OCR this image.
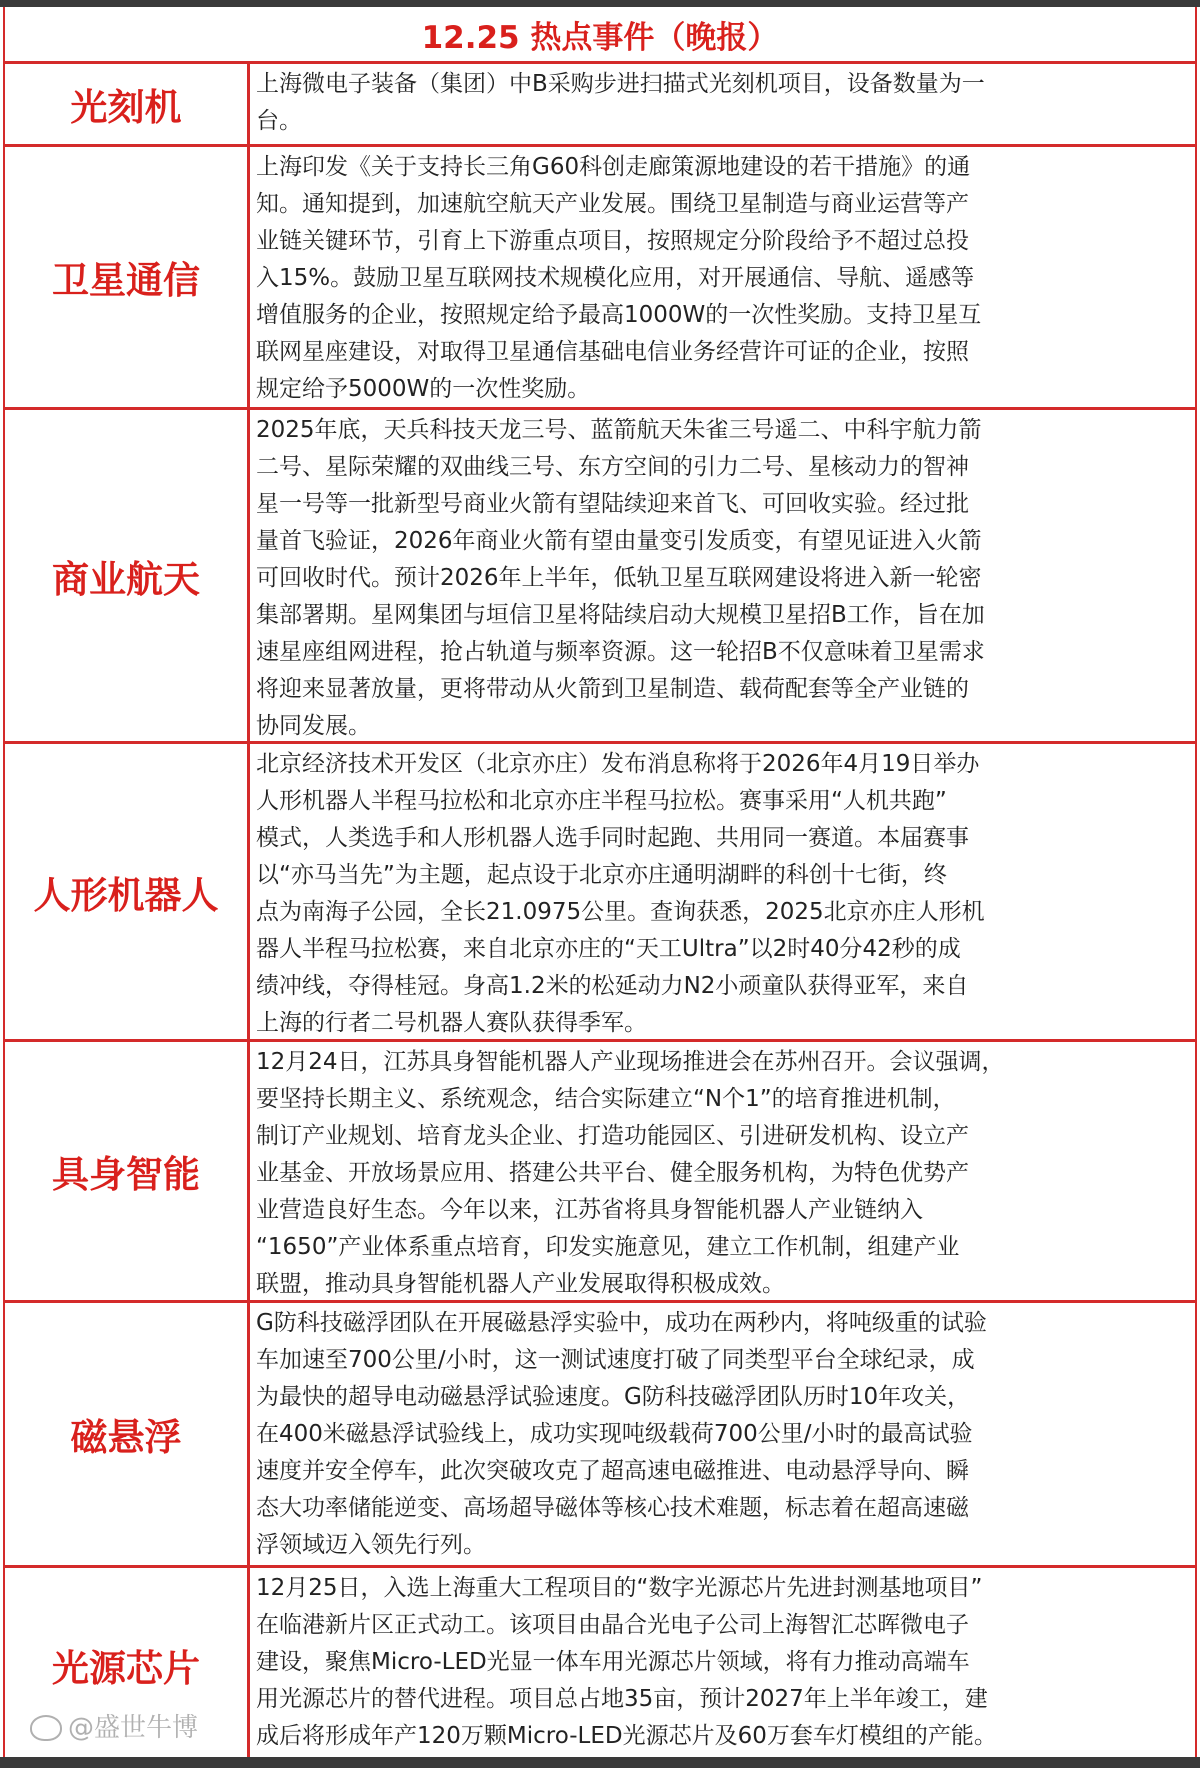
12.25 热点事件（晚报）
光刻机
上海微电子装备（集团）中B采购步进扫描式光刻机项目，设备数量为一
台。
卫星通信
上海印发《关于支持长三角G60科创走廊策源地建设的若干措施》的通
知。通知提到，加速航空航天产业发展。围绕卫星制造与商业运营等产
业链关键环节，引育上下游重点项目，按照规定分阶段给予不超过总投
入15%。鼓励卫星互联网技术规模化应用，对开展通信、导航、遥感等
增值服务的企业，按照规定给予最高1000W的一次性奖励。支持卫星互
联网星座建设，对取得卫星通信基础电信业务经营许可证的企业，按照
规定给予5000W的一次性奖励。
商业航天
2025年底，天兵科技天龙三号、蓝箭航天朱雀三号遥二、中科宇航力箭
二号、星际荣耀的双曲线三号、东方空间的引力二号、星核动力的智神
星一号等一批新型号商业火箭有望陆续迎来首飞、可回收实验。经过批
量首飞验证，2026年商业火箭有望由量变引发质变，有望见证进入火箭
可回收时代。预计2026年上半年，低轨卫星互联网建设将进入新一轮密
集部署期。星网集团与垣信卫星将陆续启动大规模卫星招B工作，旨在加
速星座组网进程，抢占轨道与频率资源。这一轮招B不仅意味着卫星需求
将迎来显著放量，更将带动从火箭到卫星制造、载荷配套等全产业链的
协同发展。
人形机器人
北京经济技术开发区（北京亦庄）发布消息称将于2026年4月19日举办
人形机器人半程马拉松和北京亦庄半程马拉松。赛事采用“人机共跑”
模式，人类选手和人形机器人选手同时起跑、共用同一赛道。本届赛事
以“亦马当先”为主题，起点设于北京亦庄通明湖畔的科创十七街，终
点为南海子公园，全长21.0975公里。查询获悉，2025北京亦庄人形机
器人半程马拉松赛，来自北京亦庄的“天工Ultra”以2时40分42秒的成
绩冲线，夺得桂冠。身高1.2米的松延动力N2小顽童队获得亚军，来自
上海的行者二号机器人赛队获得季军。
具身智能
12月24日，江苏具身智能机器人产业现场推进会在苏州召开。会议强调，
要坚持长期主义、系统观念，结合实际建立“N个1”的培育推进机制，
制订产业规划、培育龙头企业、打造功能园区、引进研发机构、设立产
业基金、开放场景应用、搭建公共平台、健全服务机构，为特色优势产
业营造良好生态。今年以来，江苏省将具身智能机器人产业链纳入
“1650”产业体系重点培育，印发实施意见，建立工作机制，组建产业
联盟，推动具身智能机器人产业发展取得积极成效。
磁悬浮
G防科技磁浮团队在开展磁悬浮实验中，成功在两秒内，将吨级重的试验
车加速至700公里/小时，这一测试速度打破了同类型平台全球纪录，成
为最快的超导电动磁悬浮试验速度。G防科技磁浮团队历时10年攻关，
在400米磁悬浮试验线上，成功实现吨级载荷700公里/小时的最高试验
速度并安全停车，此次突破攻克了超高速电磁推进、电动悬浮导向、瞬
态大功率储能逆变、高场超导磁体等核心技术难题，标志着在超高速磁
浮领域迈入领先行列。
光源芯片
12月25日，入选上海重大工程项目的“数字光源芯片先进封测基地项目”
在临港新片区正式动工。该项目由晶合光电子公司上海智汇芯晖微电子
建设，聚焦Micro-LED光显一体车用光源芯片领域，将有力推动高端车
用光源芯片的替代进程。项目总占地35亩，预计2027年上半年竣工，建
成后将形成年产120万颗Micro-LED光源芯片及60万套车灯模组的产能。
@盛世牛博
